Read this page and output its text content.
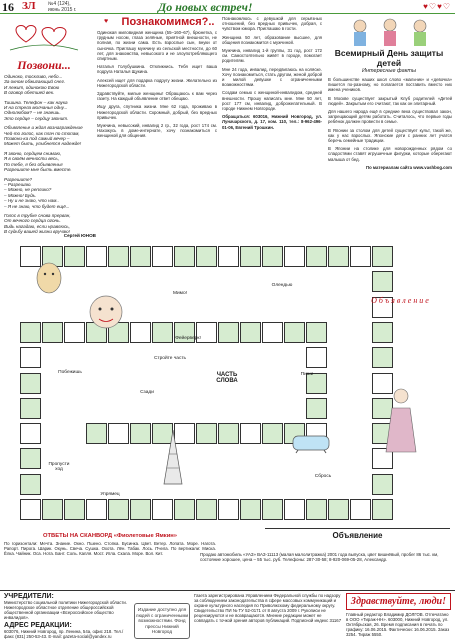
16 ЗЛ №4 (124),
июнь 2015 г.	До новых встреч!	♥♡♥♡
Позвони...

Одиноко, тоскливо, небо...
За окном обжигающий снег.
И лежит, одинокою Евою
В оговор обетшей век.

Тишина. Телефон – как наука
И на стрела молчанья одну...
Однолюбом? – не знаешь.
Это сердце – сердцу звонит.

Объявленье и ждал вознаграждение
Чей-то голос, как плач по стопам,
Позвони-ка под самый вечер –
Может быть, улыбнется надежде!

Я звоню, сердцем снимаю,
Я в своём вечности весь,
По тебе, я без объявленья
Разрешите мне быть вместе.

Разрешите?
– Разрешаю.
– Можно, не реплико?
– Можно! Будь.
– Ну и не знаю, что нам..
– Я не знаю, что будет ещё...

Голос в трубке снова прерван,
От вечного сердца огонь.
Видь нагадаю, если нравлюсь,
В судьбу вашей жизни вручаю!

Сергей ЮНОВ
♥	Познакомимся?..

Одинокая миловидная женщина (55–160–67), брюнетка, с грудным носом, глаза зелёные, приятной внешности, не полная, по жизни сама. Есть взрослые сын, внуки от сыночка. Приглашу мужчину из сельской местности, до 60 лет, для знакомства, невысокого и не злоупотребляющего спиртным.

Наталья Голубушкина. Откликнись. Тебя ищет ваша подруга Наталья Щукина.

Алексей ищет для подарка подругу жизни. Желательно из Нижегородской области.

Здравствуйте, милые женщины! Обращаюсь к вам через газету. На каждый объявление ответ обещаю.

Ищу друга, спутника жизни. Мне 62 года, проживаю в Нижегородской области. Скромный, добрый, без вредных привычек.

Мужчина, невысокий, инвалид 2 гр., 32 года, рост 174 см. Нахожусь в доме-интернате, хочу познакомиться с женщиной для общения.

Познакомлюсь с девушкой для серьёзных отношений, без вредных привычек, добрая, с чувством юмора. Приглашаю в гости.

Женщина 50 лет, образование высшее, для общения познакомится с мужчиной.

Мужчина, инвалид 1-й группы, 31 год, рост 172 см. Самостоятельно живёт в городе, помогает родителям.

Мне 24 года, инвалид, передвигаюсь на коляске. Хочу познакомиться, стать другом, женой доброй и милой девушке с ограниченными возможностями.

Создам семью с женщиной-инвалидом, средней внешности. Прошу написать мне. Мне 50 лет, рост 177 см, инвалид, доброжелательный. В городе Нижнем Новгороде.

Обращаться: 603016, Нижний Новгород, ул. Луначарского, д. 17, ком. 110, тел.: 8-962-496-01-06, Евгений Трошкин.

Всемирный День защиты детей
Интересные факты

В большинстве наших школ слово «мальчик» и «девочка» пишется по-разному, но полагается поставить вместо них имена учеников.

В Москве существует закрытый Клуб родителей «Детей людей». Закрытым его считают, так как он элитарный.

Для нашего народа ещё в средние века существовал закон, запрещающий детям работать. Считалось, что первые годы ребёнок должен провести в семье.

В Японии за столом для детей существует культ, такой же, как у нас взрослых. Японские дети с ранних лет учатся беречь семейные традиции.

В Японии на столике для новорожденных рядом со сладостями ставят игрушечные фигурки, которые оберегают малыша от бед.

По материалам сайта www.vashbog.com

О б ъ я в л е н и е
Мимо!
Олендью
Фейерверк!
Стройте часть
ЧАСТЬ СЛОВА
Упрямец
Пропусти ход
Сзади
Сбрось
Пиши
Побежишь
ОТВЕТЫ НА СКАНВОРД «Фиолетовые Ямкин»
По горизонтали: Мечта. Знание. Окно. Пшено. Стопка. Бусинка. Цвет. Ветер. Лопата. Море. Нагота. Рапорт. Пирога. Шарик. Окунь. Свеча. Сушка. Охота. Лён. Табак. Лось. Пчела. По вертикали: Миска. Ёлка. Чайник. Оса. Нота. Бант. Соль. Капля. Мост. Игла. Скала. Море. Вол. Кит.
Объявление
Продаю автомобиль «УАЗ» ВАЗ-11113 (малая малолитражка) 2001 года выпуска, цвет вишнёвый, пробег 86 тыс. км, состояние хорошее, цена – 55 тыс. руб. Телефоны: 287-30-58; 8-920-069-05-28, Александр.
УЧРЕДИТЕЛИ:
Министерство социальной политики Нижегородской области. Нижегородское областное отделение общероссийской общественной организации «Всероссийское общество инвалидов».
АДРЕС РЕДАКЦИИ:
603076, Нижний Новгород, пр. Ленина, 54а, офис 218. Тел./факс (831) 250-53-43. E-mail: gazeta-social@yandex.ru
Издание доступно для людей с ограниченными возможностями. Фонд прессы Нижний Новгород
Газета зарегистрирована Управлением Федеральной службы по надзору за соблюдением законодательства в сфере массовых коммуникаций и охране культурного наследия по Приволжскому федеральному округу. Свидетельство ПИ № ТУ 52-0171 от 8 августа 2009 г. Рукописи не рецензируются и не возвращаются. Мнение редакции может не совпадать с точкой зрения авторов публикаций. Подписной индекс 31167
Здравствуйте, люди!
Главный редактор Владимир ДОЛГОВ. Отпечатано в ООО «Тираж-НН». 603000, Нижний Новгород, ул. Октябрьская, 26. Время подписания в печать по графику: 16.06.2015. Фактически: 16.06.2015. Заказ 3254. Тираж 5550.
